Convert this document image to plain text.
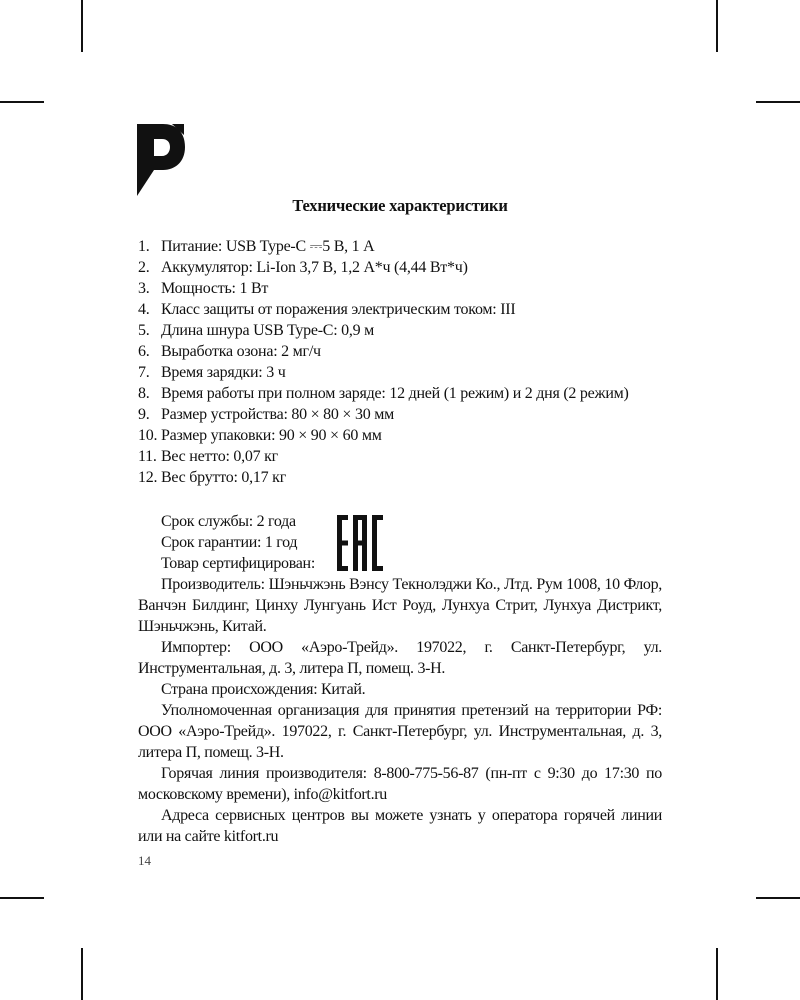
Технические характеристики
1. Питание: USB Type-C ⎓5 В, 1 А
2. Аккумулятор: Li-Ion 3,7 В, 1,2 А*ч (4,44 Вт*ч)
3. Мощность: 1 Вт
4. Класс защиты от поражения электрическим током: III
5. Длина шнура USB Type-C: 0,9 м
6. Выработка озона: 2 мг/ч
7. Время зарядки: 3 ч
8. Время работы при полном заряде: 12 дней (1 режим) и 2 дня (2 режим)
9. Размер устройства: 80 × 80 × 30 мм
10. Размер упаковки: 90 × 90 × 60 мм
11. Вес нетто: 0,07 кг
12. Вес брутто: 0,17 кг

Срок службы: 2 года

Срок гарантии: 1 год

Товар сертифицирован:

Производитель: Шэньчжэнь Вэнсу Текнолэджи Ко., Лтд. Рум 1008, 10 Флор, Ванчэн Билдинг, Цинху Лунгуань Ист Роуд, Лунхуа Стрит, Лунхуа Дистрикт, Шэньчжэнь, Китай.

Импортер: ООО «Аэро-Трейд». 197022, г. Санкт-Петербург, ул. Инструментальная, д. 3, литера П, помещ. 3-Н.

Страна происхождения: Китай.

Уполномоченная организация для принятия претензий на территории РФ: ООО «Аэро-Трейд». 197022, г. Санкт-Петербург, ул. Инструментальная, д. 3, литера П, помещ. 3-Н.

Горячая линия производителя: 8-800-775-56-87 (пн-пт с 9:30 до 17:30 по московскому времени), info@kitfort.ru

Адреса сервисных центров вы можете узнать у оператора горячей линии или на сайте kitfort.ru

14
